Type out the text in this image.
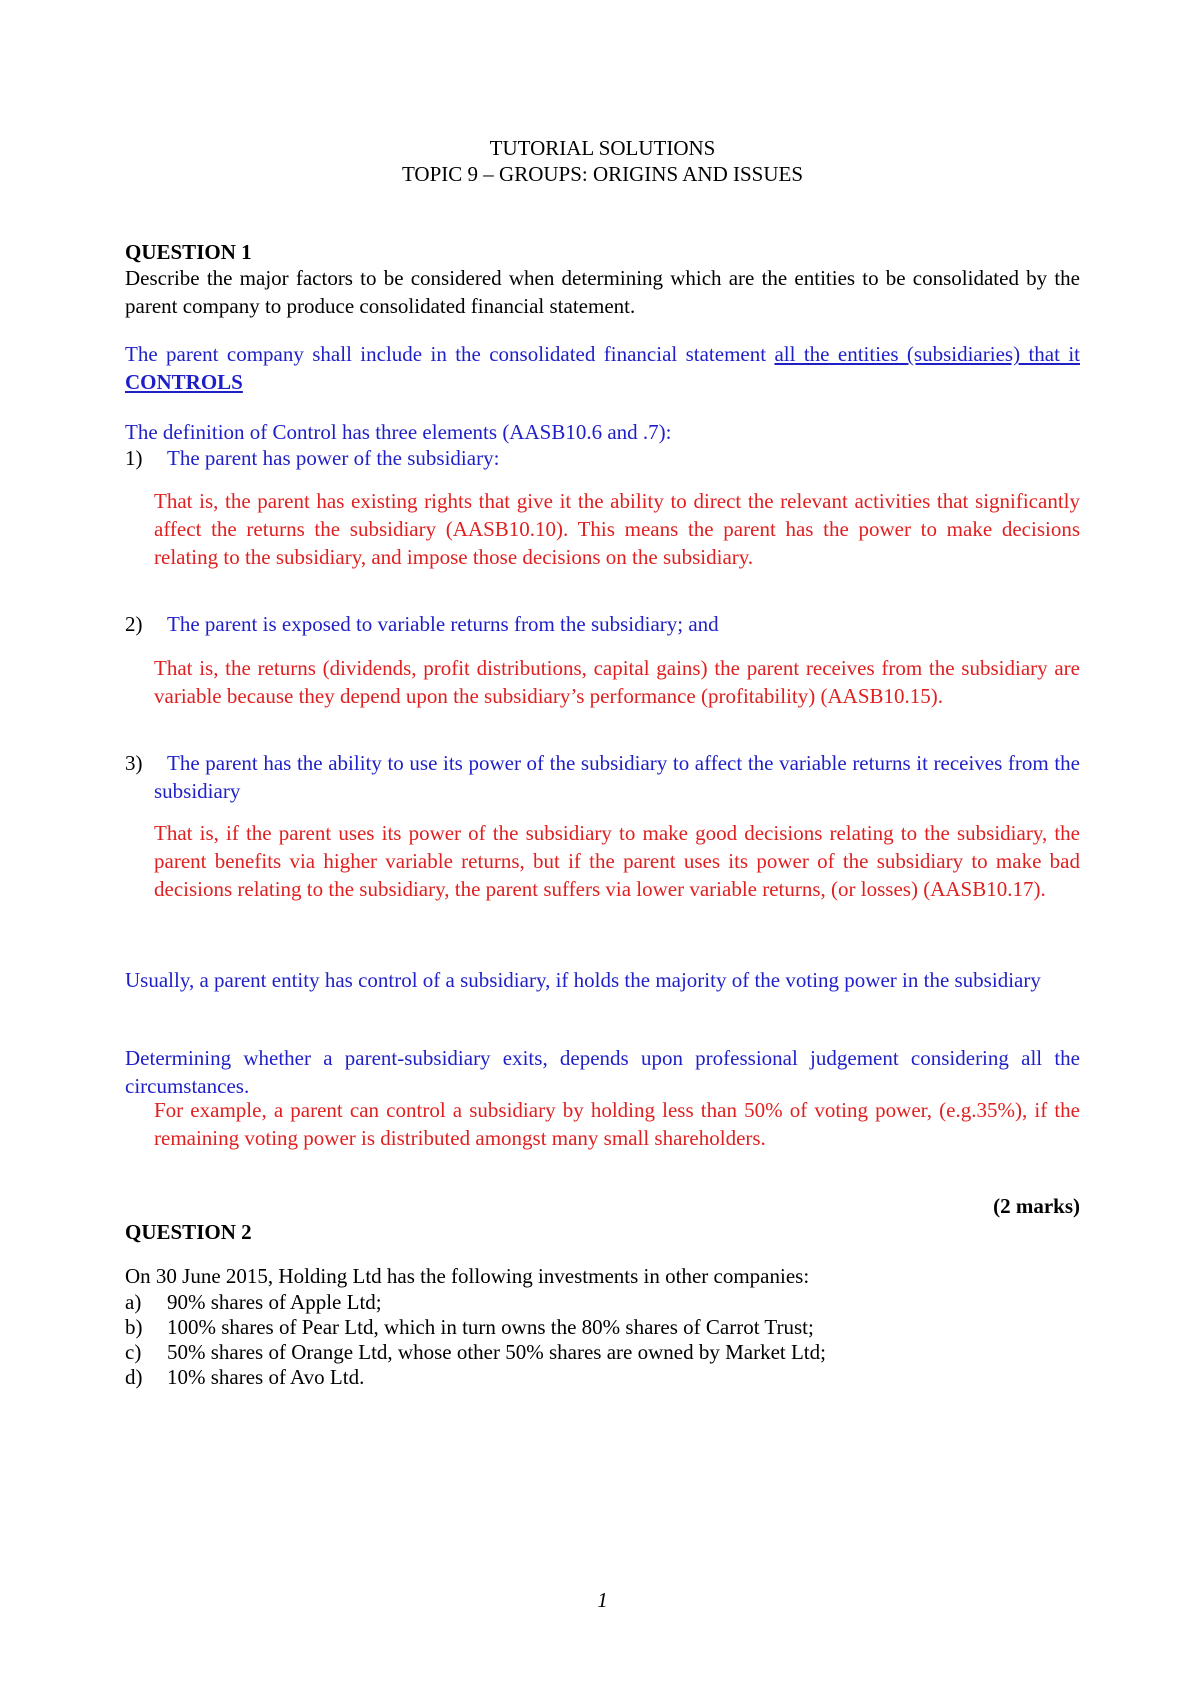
TUTORIAL SOLUTIONS
TOPIC 9 – GROUPS: ORIGINS AND ISSUES
QUESTION 1
Describe the major factors to be considered when determining which are the entities to be consolidated by the parent company to produce consolidated financial statement.
The parent company shall include in the consolidated financial statement all the entities (subsidiaries) that it CONTROLS
The definition of Control has three elements (AASB10.6 and .7):
1) The parent has power of the subsidiary:
That is, the parent has existing rights that give it the ability to direct the relevant activities that significantly affect the returns the subsidiary (AASB10.10). This means the parent has the power to make decisions relating to the subsidiary, and impose those decisions on the subsidiary.
2) The parent is exposed to variable returns from the subsidiary; and
That is, the returns (dividends, profit distributions, capital gains) the parent receives from the subsidiary are variable because they depend upon the subsidiary’s performance (profitability) (AASB10.15).
3)	The parent has the ability to use its power of the subsidiary to affect the variable returns it receives from the subsidiary
That is, if the parent uses its power of the subsidiary to make good decisions relating to the subsidiary, the parent benefits via higher variable returns, but if the parent uses its power of the subsidiary to make bad decisions relating to the subsidiary, the parent suffers via lower variable returns, (or losses) (AASB10.17).
Usually, a parent entity has control of a subsidiary, if holds the majority of the voting power in the subsidiary
Determining whether a parent-subsidiary exits, depends upon professional judgement considering all the circumstances.
For example, a parent can control a subsidiary by holding less than 50% of voting power, (e.g.35%), if the remaining voting power is distributed amongst many small shareholders.
(2 marks)
QUESTION 2
On 30 June 2015, Holding Ltd has the following investments in other companies:
a) 90% shares of Apple Ltd;
b) 100% shares of Pear Ltd, which in turn owns the 80% shares of Carrot Trust;
c) 50% shares of Orange Ltd, whose other 50% shares are owned by Market Ltd;
d) 10% shares of Avo Ltd.
1
